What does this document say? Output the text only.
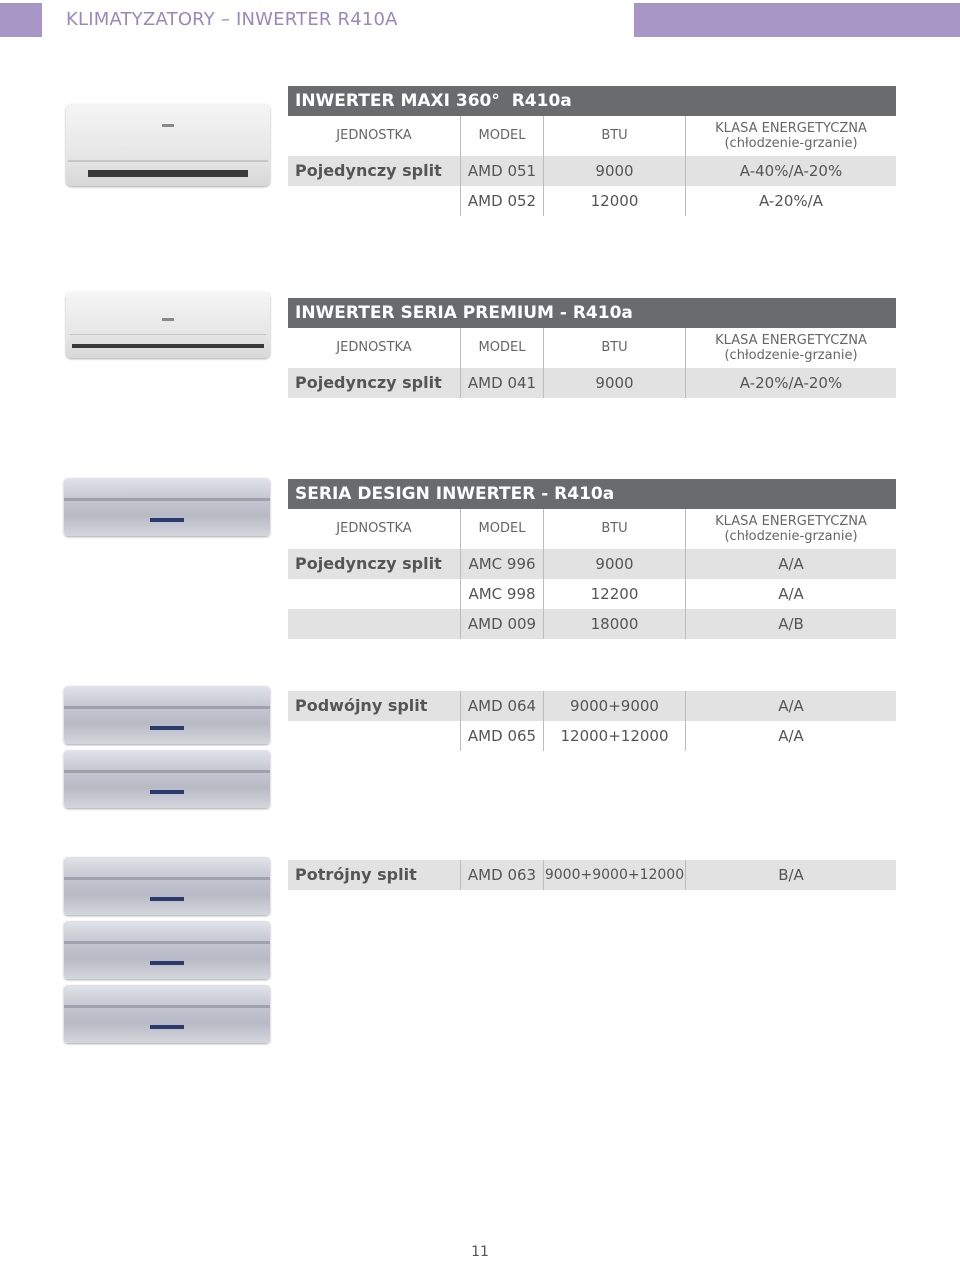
KLIMATYZATORY – INWERTER R410A
INWERTER MAXI 360°  R410a
JEDNOSTKA	MODEL	BTU	KLASA ENERGETYCZNA
(chłodzenie-grzanie)
Pojedynczy split	AMD 051	9000	A-40%/A-20%
AMD 052	12000	A-20%/A
INWERTER SERIA PREMIUM - R410a
JEDNOSTKA	MODEL	BTU	KLASA ENERGETYCZNA
(chłodzenie-grzanie)
Pojedynczy split	AMD 041	9000	A-20%/A-20%
SERIA DESIGN INWERTER - R410a
JEDNOSTKA	MODEL	BTU	KLASA ENERGETYCZNA
(chłodzenie-grzanie)
Pojedynczy split	AMC 996	9000	A/A
AMC 998	12200	A/A
AMD 009	18000	A/B
Podwójny split	AMD 064	9000+9000	A/A
AMD 065	12000+12000	A/A
Potrójny split	AMD 063 9000+9000+12000	B/A
11
